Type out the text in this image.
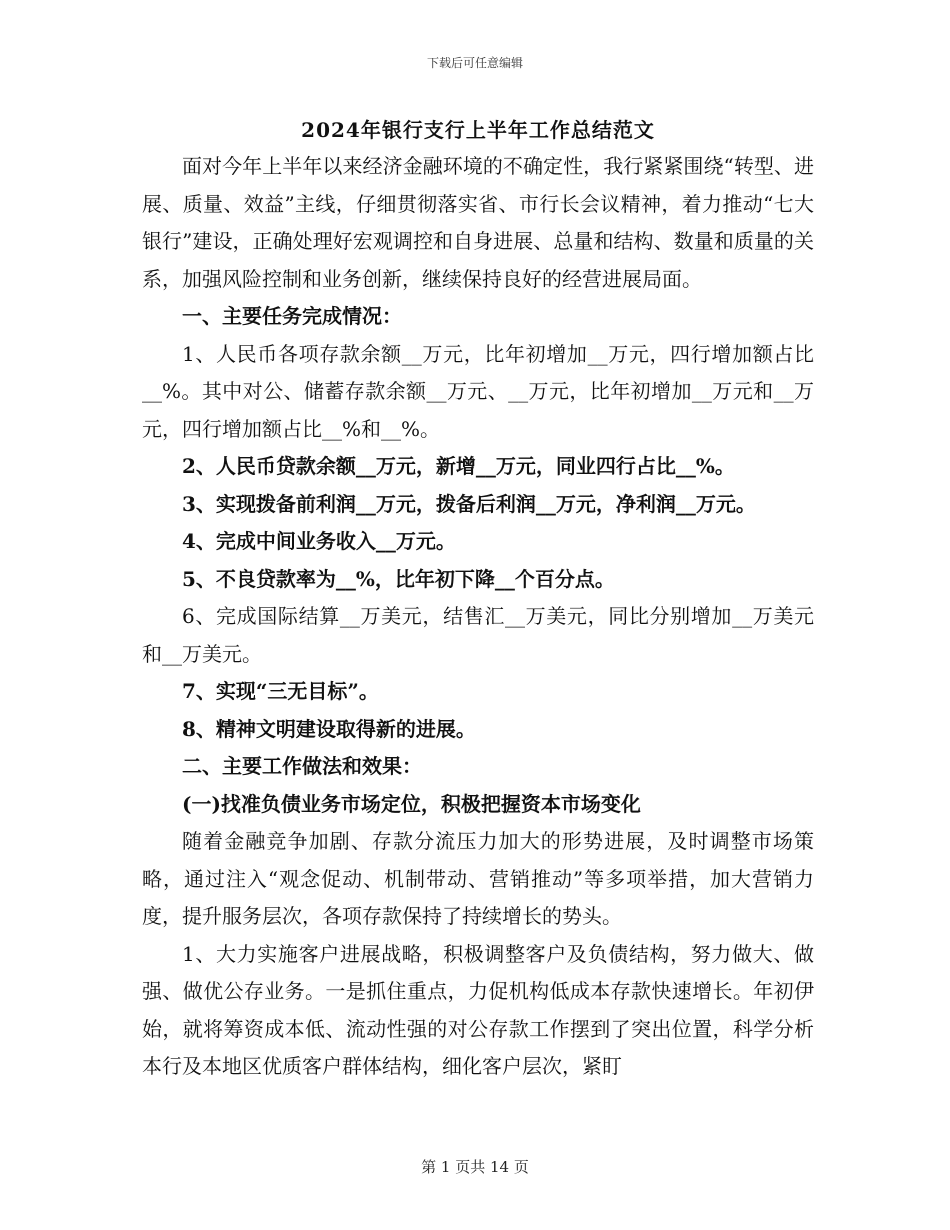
下载后可任意编辑
2024年银行支行上半年工作总结范文

面对今年上半年以来经济金融环境的不确定性，我行紧紧围绕“转型、进展、质量、效益”主线，仔细贯彻落实省、市行长会议精神，着力推动“七大银行”建设，正确处理好宏观调控和自身进展、总量和结构、数量和质量的关系，加强风险控制和业务创新，继续保持良好的经营进展局面。

一、主要任务完成情况：

1、人民币各项存款余额__万元，比年初增加__万元，四行增加额占比__%。其中对公、储蓄存款余额__万元、__万元，比年初增加__万元和__万元，四行增加额占比__%和__%。

2、人民币贷款余额__万元，新增__万元，同业四行占比__%。

3、实现拨备前利润__万元，拨备后利润__万元，净利润__万元。

4、完成中间业务收入__万元。

5、不良贷款率为__%，比年初下降__个百分点。

6、完成国际结算__万美元，结售汇__万美元，同比分别增加__万美元和__万美元。

7、实现“三无目标”。

8、精神文明建设取得新的进展。

二、主要工作做法和效果：

(一)找准负债业务市场定位，积极把握资本市场变化

随着金融竞争加剧、存款分流压力加大的形势进展，及时调整市场策略，通过注入“观念促动、机制带动、营销推动”等多项举措，加大营销力度，提升服务层次，各项存款保持了持续增长的势头。

1、大力实施客户进展战略，积极调整客户及负债结构，努力做大、做强、做优公存业务。一是抓住重点，力促机构低成本存款快速增长。年初伊始，就将筹资成本低、流动性强的对公存款工作摆到了突出位置，科学分析本行及本地区优质客户群体结构，细化客户层次，紧盯

第 1 页共 14 页
